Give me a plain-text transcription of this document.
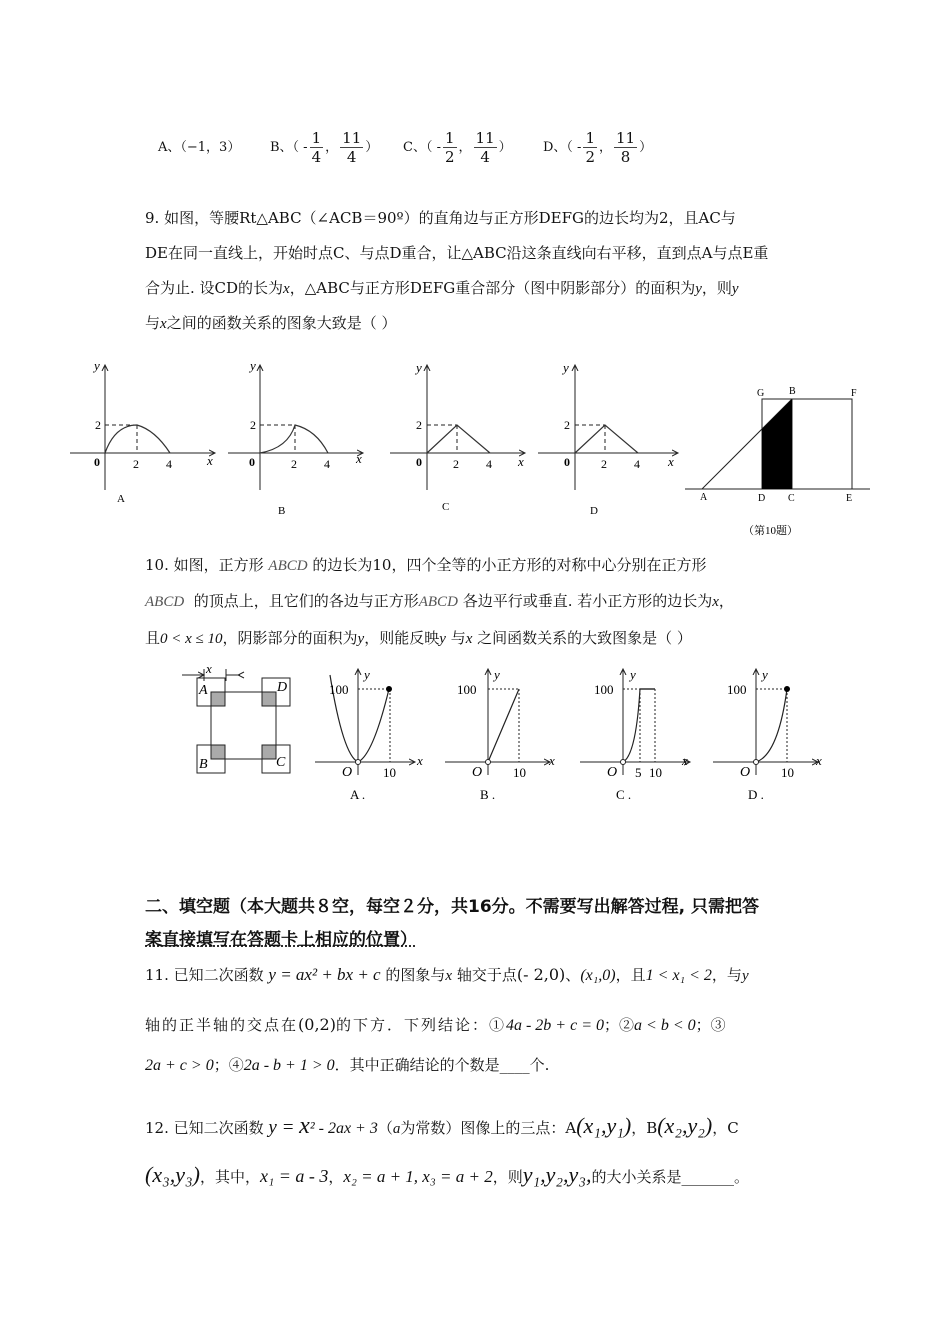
A、（−1，3） B、（ - $\frac{1}{4}$ ， $\frac{11}{4}$ ） C、（ - $\frac{1}{2}$ ， $\frac{11}{4}$ ） D、（ - $\frac{1}{2}$ ， $\frac{11}{8}$ ）
9. 如图，等腰Rt△ABC（∠ACB＝90º）的直角边与正方形DEFG的边长均为2，且AC与
DE在同一直线上，开始时点C、与点D重合，让△ABC沿这条直线向右平移，直到点A与点E重
合为止. 设CD的长为x，△ABC与正方形DEFG重合部分（图中阴影部分）的面积为y，则y
与x之间的函数关系的图象大致是（ ）
y
x
0
2
2 4
A
y
x
0
2
2 4
B
y
x
0
2
2 4
C
y
x
0
2
2 4
D
G B	F
A	D C	E
（第10题）
10. 如图，正方形 ABCD 的边长为10，四个全等的小正方形的对称中心分别在正方形
ABCD 的顶点上，且它们的各边与正方形ABCD 各边平行或垂直. 若小正方形的边长为x，
且0 < x ≤ 10，阴影部分的面积为y，则能反映y 与x 之间函数关系的大致图象是（ ）
x
A	D
B	C
y
x
100
O 10
A .
y
x
100
O 10
B .
y
x
100
O 5 10
C .
y
x
100
O 10
D .
二、填空题（本大题共８空，每空２分，共16分。不需要写出解答过程, 只需把答
案直接填写在答题卡上相应的位置）
11. 已知二次函数 y = ax² + bx + c 的图象与x 轴交于点(- 2,0)、(x₁,0)，且1 < x₁ < 2，与y
轴的正半轴的交点在(0,2)的下方．下列结论：①4a - 2b + c = 0；②a < b < 0；③
2a + c > 0；④2a - b + 1 > 0．其中正确结论的个数是____个.
12. 已知二次函数 y = x² - 2ax + 3（a为常数）图像上的三点：A(x₁,y₁)，B(x₂,y₂)，C
(x₃,y₃)，其中，x₁ = a - 3，x₂ = a + 1, x₃ = a + 2，则y₁,y₂,y₃,的大小关系是_______。
